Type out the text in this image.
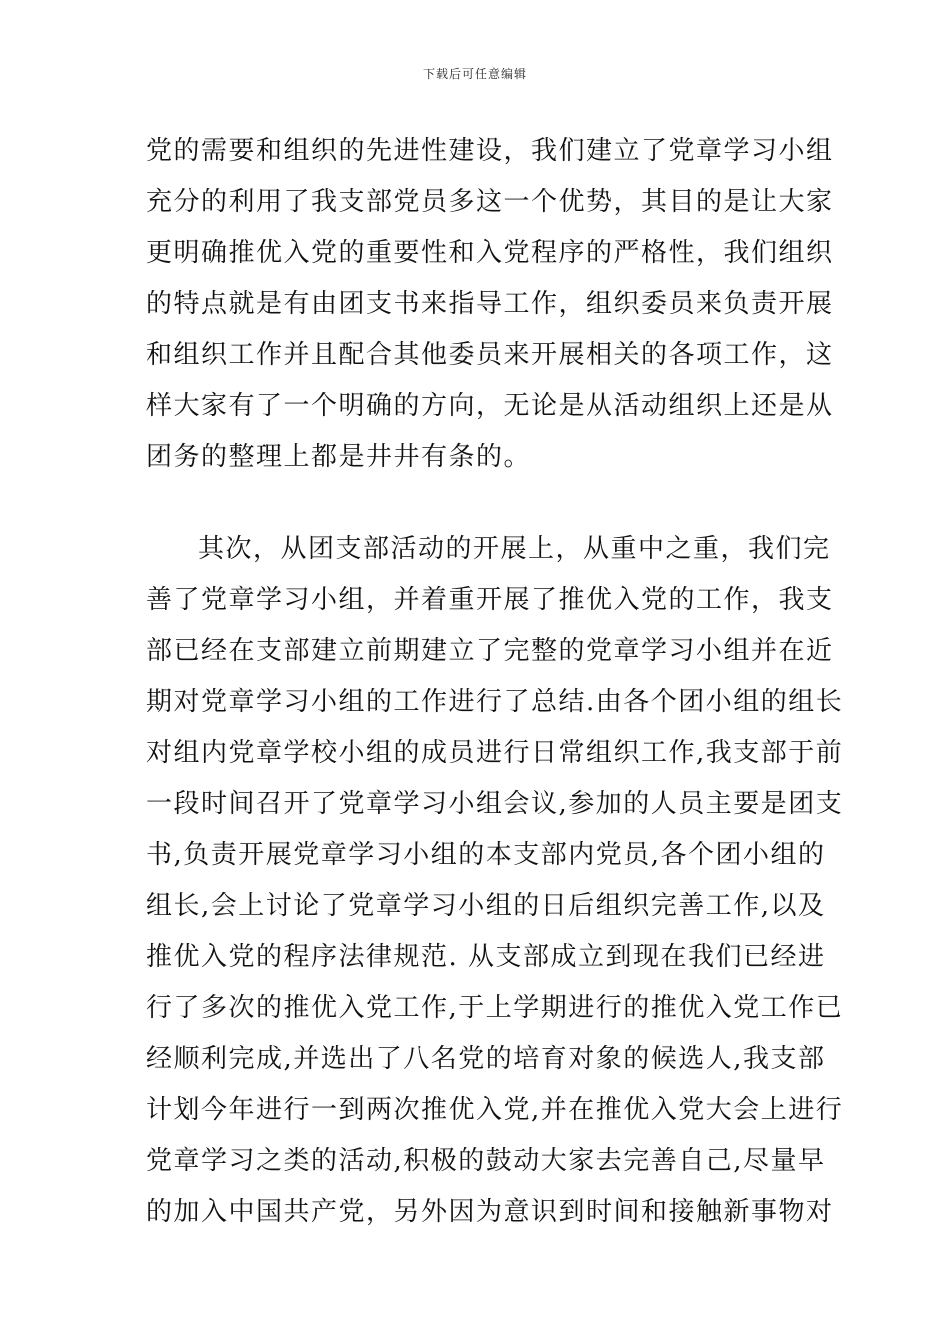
下载后可任意编辑
党的需要和组织的先进性建设，我们建立了党章学习小组
充分的利用了我支部党员多这一个优势，其目的是让大家
更明确推优入党的重要性和入党程序的严格性，我们组织
的特点就是有由团支书来指导工作，组织委员来负责开展
和组织工作并且配合其他委员来开展相关的各项工作，这
样大家有了一个明确的方向，无论是从活动组织上还是从
团务的整理上都是井井有条的。
其次，从团支部活动的开展上，从重中之重，我们完
善了党章学习小组，并着重开展了推优入党的工作，我支
部已经在支部建立前期建立了完整的党章学习小组并在近
期对党章学习小组的工作进行了总结.由各个团小组的组长
对组内党章学校小组的成员进行日常组织工作,我支部于前
一段时间召开了党章学习小组会议,参加的人员主要是团支
书,负责开展党章学习小组的本支部内党员,各个团小组的
组长,会上讨论了党章学习小组的日后组织完善工作,以及
推优入党的程序法律规范. 从支部成立到现在我们已经进
行了多次的推优入党工作,于上学期进行的推优入党工作已
经顺利完成,并选出了八名党的培育对象的候选人,我支部
计划今年进行一到两次推优入党,并在推优入党大会上进行
党章学习之类的活动,积极的鼓动大家去完善自己,尽量早
的加入中国共产党，另外因为意识到时间和接触新事物对
